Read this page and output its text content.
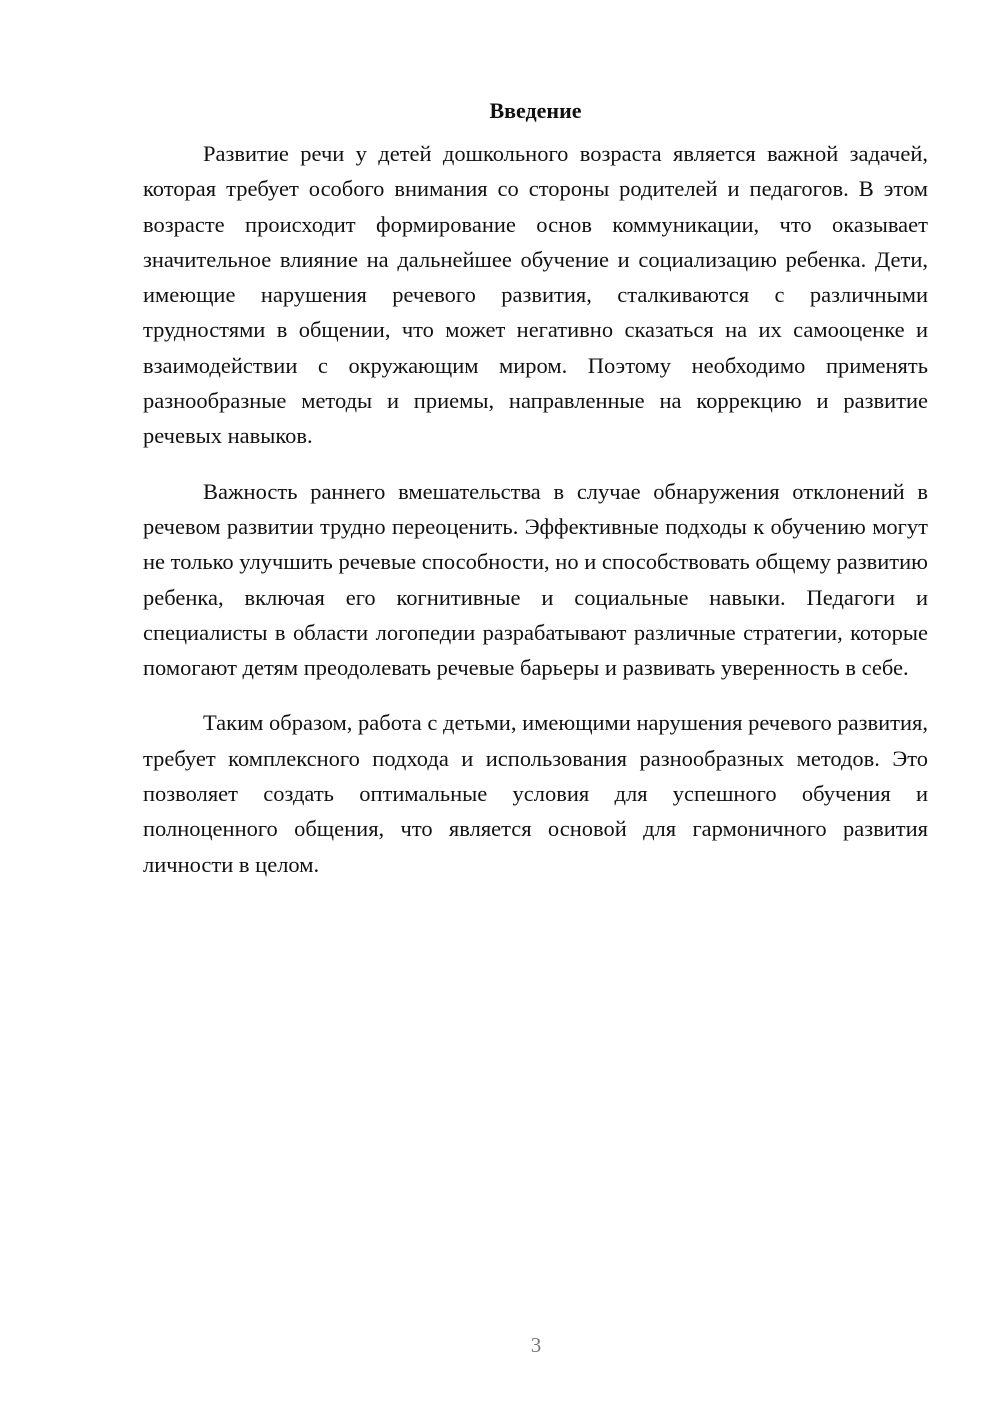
Введение

Развитие речи у детей дошкольного возраста является важной задачей, которая требует особого внимания со стороны родителей и педагогов. В этом возрасте происходит формирование основ коммуникации, что оказывает значительное влияние на дальнейшее обучение и социализацию ребенка. Дети, имеющие нарушения речевого развития, сталкиваются с различными трудностями в общении, что может негативно сказаться на их самооценке и взаимодействии с окружающим миром. Поэтому необходимо применять разнообразные методы и приемы, направленные на коррекцию и развитие речевых навыков.

Важность раннего вмешательства в случае обнаружения отклонений в речевом развитии трудно переоценить. Эффективные подходы к обучению могут не только улучшить речевые способности, но и способствовать общему развитию ребенка, включая его когнитивные и социальные навыки. Педагоги и специалисты в области логопедии разрабатывают различные стратегии, которые помогают детям преодолевать речевые барьеры и развивать уверенность в себе.

Таким образом, работа с детьми, имеющими нарушения речевого развития, требует комплексного подхода и использования разнообразных методов. Это позволяет создать оптимальные условия для успешного обучения и полноценного общения, что является основой для гармоничного развития личности в целом.

3
